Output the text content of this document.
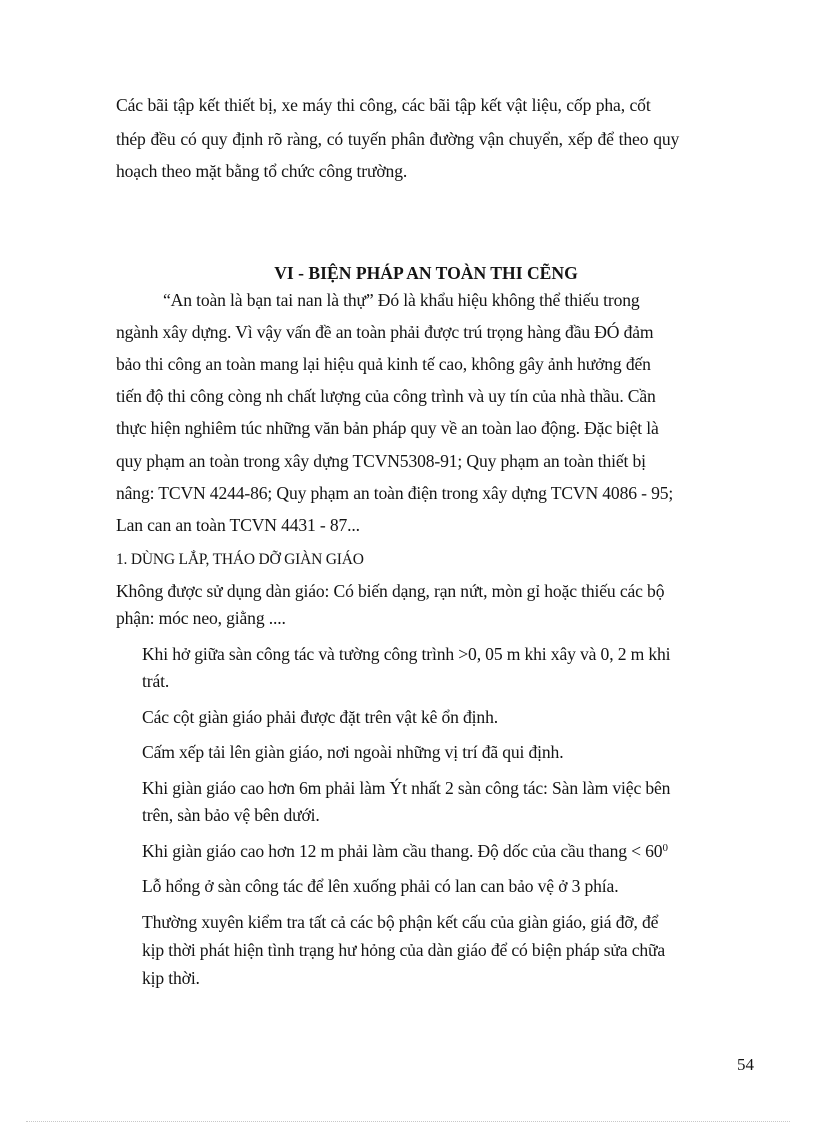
Các bãi tập kết thiết bị, xe máy thi công, các bãi tập kết vật liệu, cốp pha, cốt
thép đều có quy định rõ ràng, có tuyến phân đường vận chuyển, xếp để theo quy
hoạch theo mặt bằng tổ chức công trường.
VI - BIỆN PHÁP AN TOÀN THI CẼNG
“An toàn là bạn tai nan là thự” Đó là khẩu hiệu không thể thiếu trong
ngành xây dựng. Vì vậy vấn đề an toàn phải được trú trọng hàng đầu ĐÓ đảm
bảo thi công an toàn mang lại hiệu quả kinh tế cao, không gây ảnh hưởng đến
tiến độ thi công còng nh chất lượng của công trình và uy tín của nhà thầu. Cần
thực hiện nghiêm túc những văn bản pháp quy về an toàn lao động. Đặc biệt là
quy phạm an toàn trong xây dựng TCVN5308-91; Quy phạm an toàn thiết bị
nâng: TCVN 4244-86; Quy phạm an toàn điện trong xây dựng TCVN 4086 - 95;
Lan can an toàn TCVN 4431 - 87...
1. DÙNG LẮP, THÁO DỠ GIÀN GIÁO
Không được sử dụng dàn giáo: Có biến dạng, rạn nứt, mòn gỉ hoặc thiếu các bộ
phận: móc neo, giằng ....
Khi hở giữa sàn công tác và tường công trình >0, 05 m khi xây và 0, 2 m khi
trát.
Các cột giàn giáo phải được đặt trên vật kê ổn định.
Cấm xếp tải lên giàn giáo, nơi ngoài những vị trí đã qui định.
Khi giàn giáo cao hơn 6m phải làm Ýt nhất 2 sàn công tác: Sàn làm việc bên
trên, sàn bảo vệ bên dưới.
Khi giàn giáo cao hơn 12 m phải làm cầu thang. Độ dốc của cầu thang < $60^0$
Lỗ hổng ở sàn công tác để lên xuống phải có lan can bảo vệ ở 3 phía.
Thường xuyên kiểm tra tất cả các bộ phận kết cấu của giàn giáo, giá đỡ, để
kịp thời phát hiện tình trạng hư hỏng của dàn giáo để có biện pháp sửa chữa
kịp thời.
54
